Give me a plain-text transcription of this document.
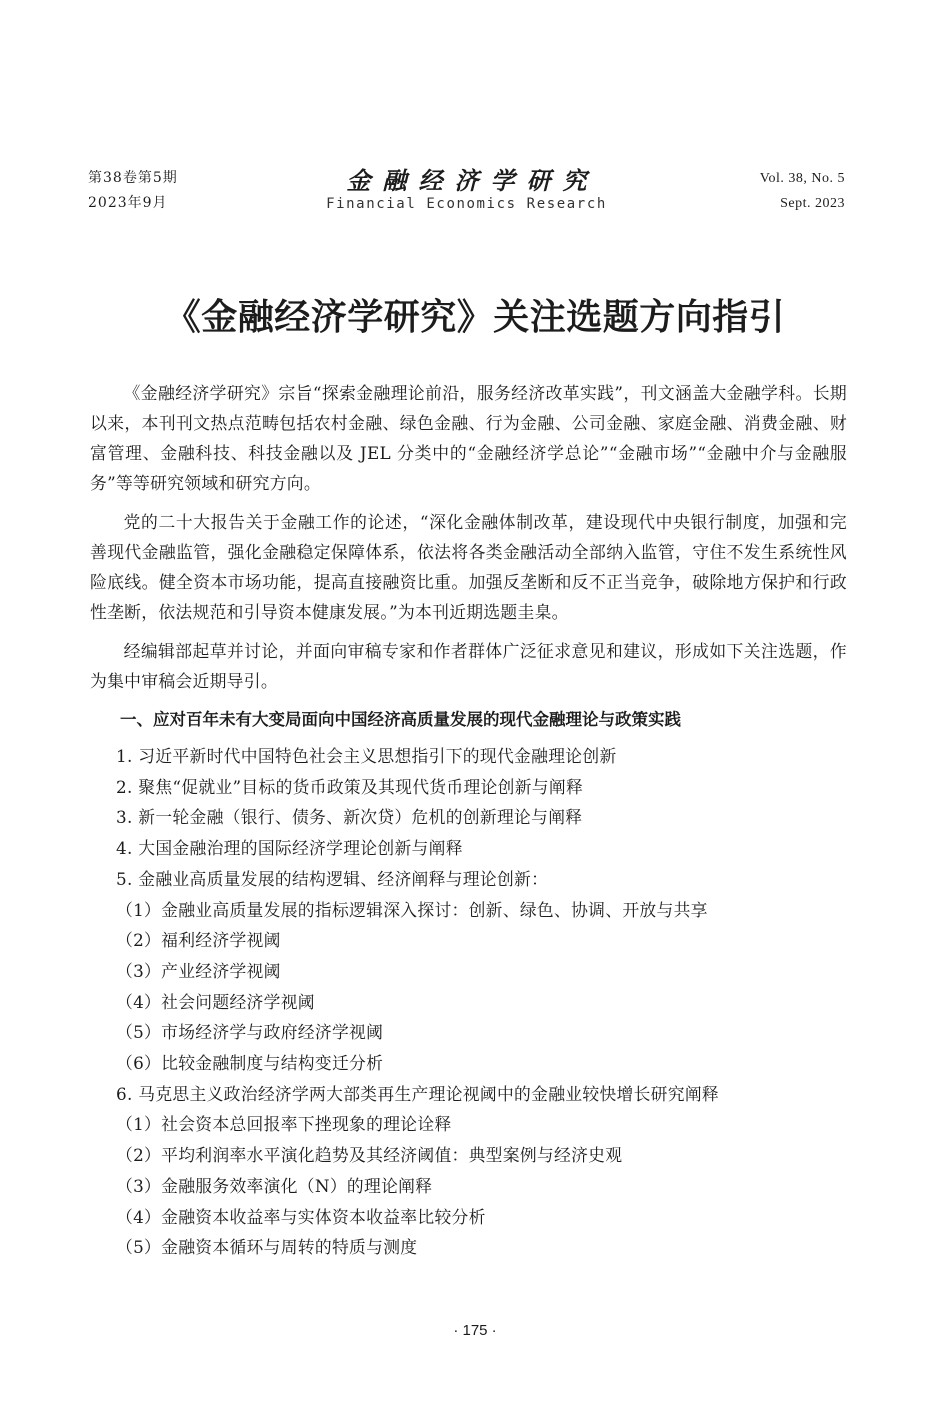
第38卷第5期
2023年9月
金融经济学研究
Financial Economics Research
Vol. 38, No. 5
Sept. 2023
《金融经济学研究》关注选题方向指引

《金融经济学研究》宗旨“探索金融理论前沿，服务经济改革实践”，刊文涵盖大金融学科。长期以来，本刊刊文热点范畴包括农村金融、绿色金融、行为金融、公司金融、家庭金融、消费金融、财富管理、金融科技、科技金融以及 JEL 分类中的“金融经济学总论”“金融市场”“金融中介与金融服务”等等研究领域和研究方向。

党的二十大报告关于金融工作的论述，“深化金融体制改革，建设现代中央银行制度，加强和完善现代金融监管，强化金融稳定保障体系，依法将各类金融活动全部纳入监管，守住不发生系统性风险底线。健全资本市场功能，提高直接融资比重。加强反垄断和反不正当竞争，破除地方保护和行政性垄断，依法规范和引导资本健康发展。”为本刊近期选题圭臬。

经编辑部起草并讨论，并面向审稿专家和作者群体广泛征求意见和建议，形成如下关注选题，作为集中审稿会近期导引。

一、应对百年未有大变局面向中国经济高质量发展的现代金融理论与政策实践
1. 习近平新时代中国特色社会主义思想指引下的现代金融理论创新
2. 聚焦“促就业”目标的货币政策及其现代货币理论创新与阐释
3. 新一轮金融（银行、债务、新次贷）危机的创新理论与阐释
4. 大国金融治理的国际经济学理论创新与阐释
5. 金融业高质量发展的结构逻辑、经济阐释与理论创新：
（1）金融业高质量发展的指标逻辑深入探讨：创新、绿色、协调、开放与共享
（2）福利经济学视阈
（3）产业经济学视阈
（4）社会问题经济学视阈
（5）市场经济学与政府经济学视阈
（6）比较金融制度与结构变迁分析
6. 马克思主义政治经济学两大部类再生产理论视阈中的金融业较快增长研究阐释
（1）社会资本总回报率下挫现象的理论诠释
（2）平均利润率水平演化趋势及其经济阈值：典型案例与经济史观
（3）金融服务效率演化（N）的理论阐释
（4）金融资本收益率与实体资本收益率比较分析
（5）金融资本循环与周转的特质与测度
· 175 ·
